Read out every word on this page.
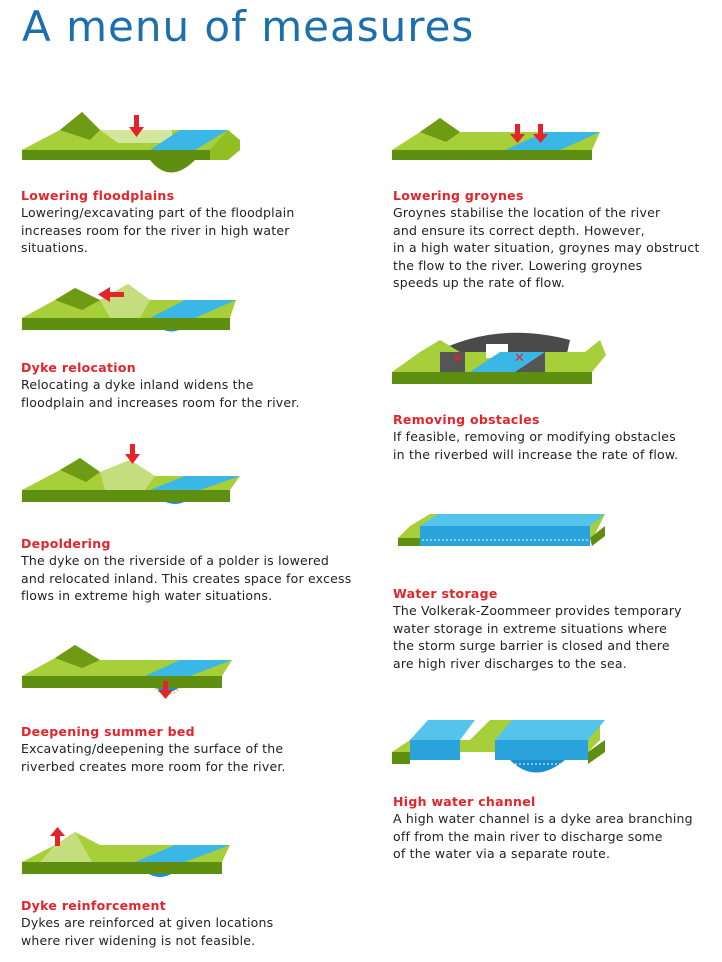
A menu of measures
✕	✕
Lowering floodplains

Lowering/excavating part of the floodplain
increases room for the river in high water
situations.

Dyke relocation

Relocating a dyke inland widens the
floodplain and increases room for the river.

Depoldering

The dyke on the riverside of a polder is lowered
and relocated inland. This creates space for excess
flows in extreme high water situations.

Deepening summer bed

Excavating/deepening the surface of the
riverbed creates more room for the river.

Dyke reinforcement

Dykes are reinforced at given locations
where river widening is not feasible.

Lowering groynes

Groynes stabilise the location of the river
and ensure its correct depth. However,
in a high water situation, groynes may obstruct
the flow to the river. Lowering groynes
speeds up the rate of flow.

Removing obstacles

If feasible, removing or modifying obstacles
in the riverbed will increase the rate of flow.

Water storage

The Volkerak-Zoommeer provides temporary
water storage in extreme situations where
the storm surge barrier is closed and there
are high river discharges to the sea.

High water channel

A high water channel is a dyke area branching
off from the main river to discharge some
of the water via a separate route.
